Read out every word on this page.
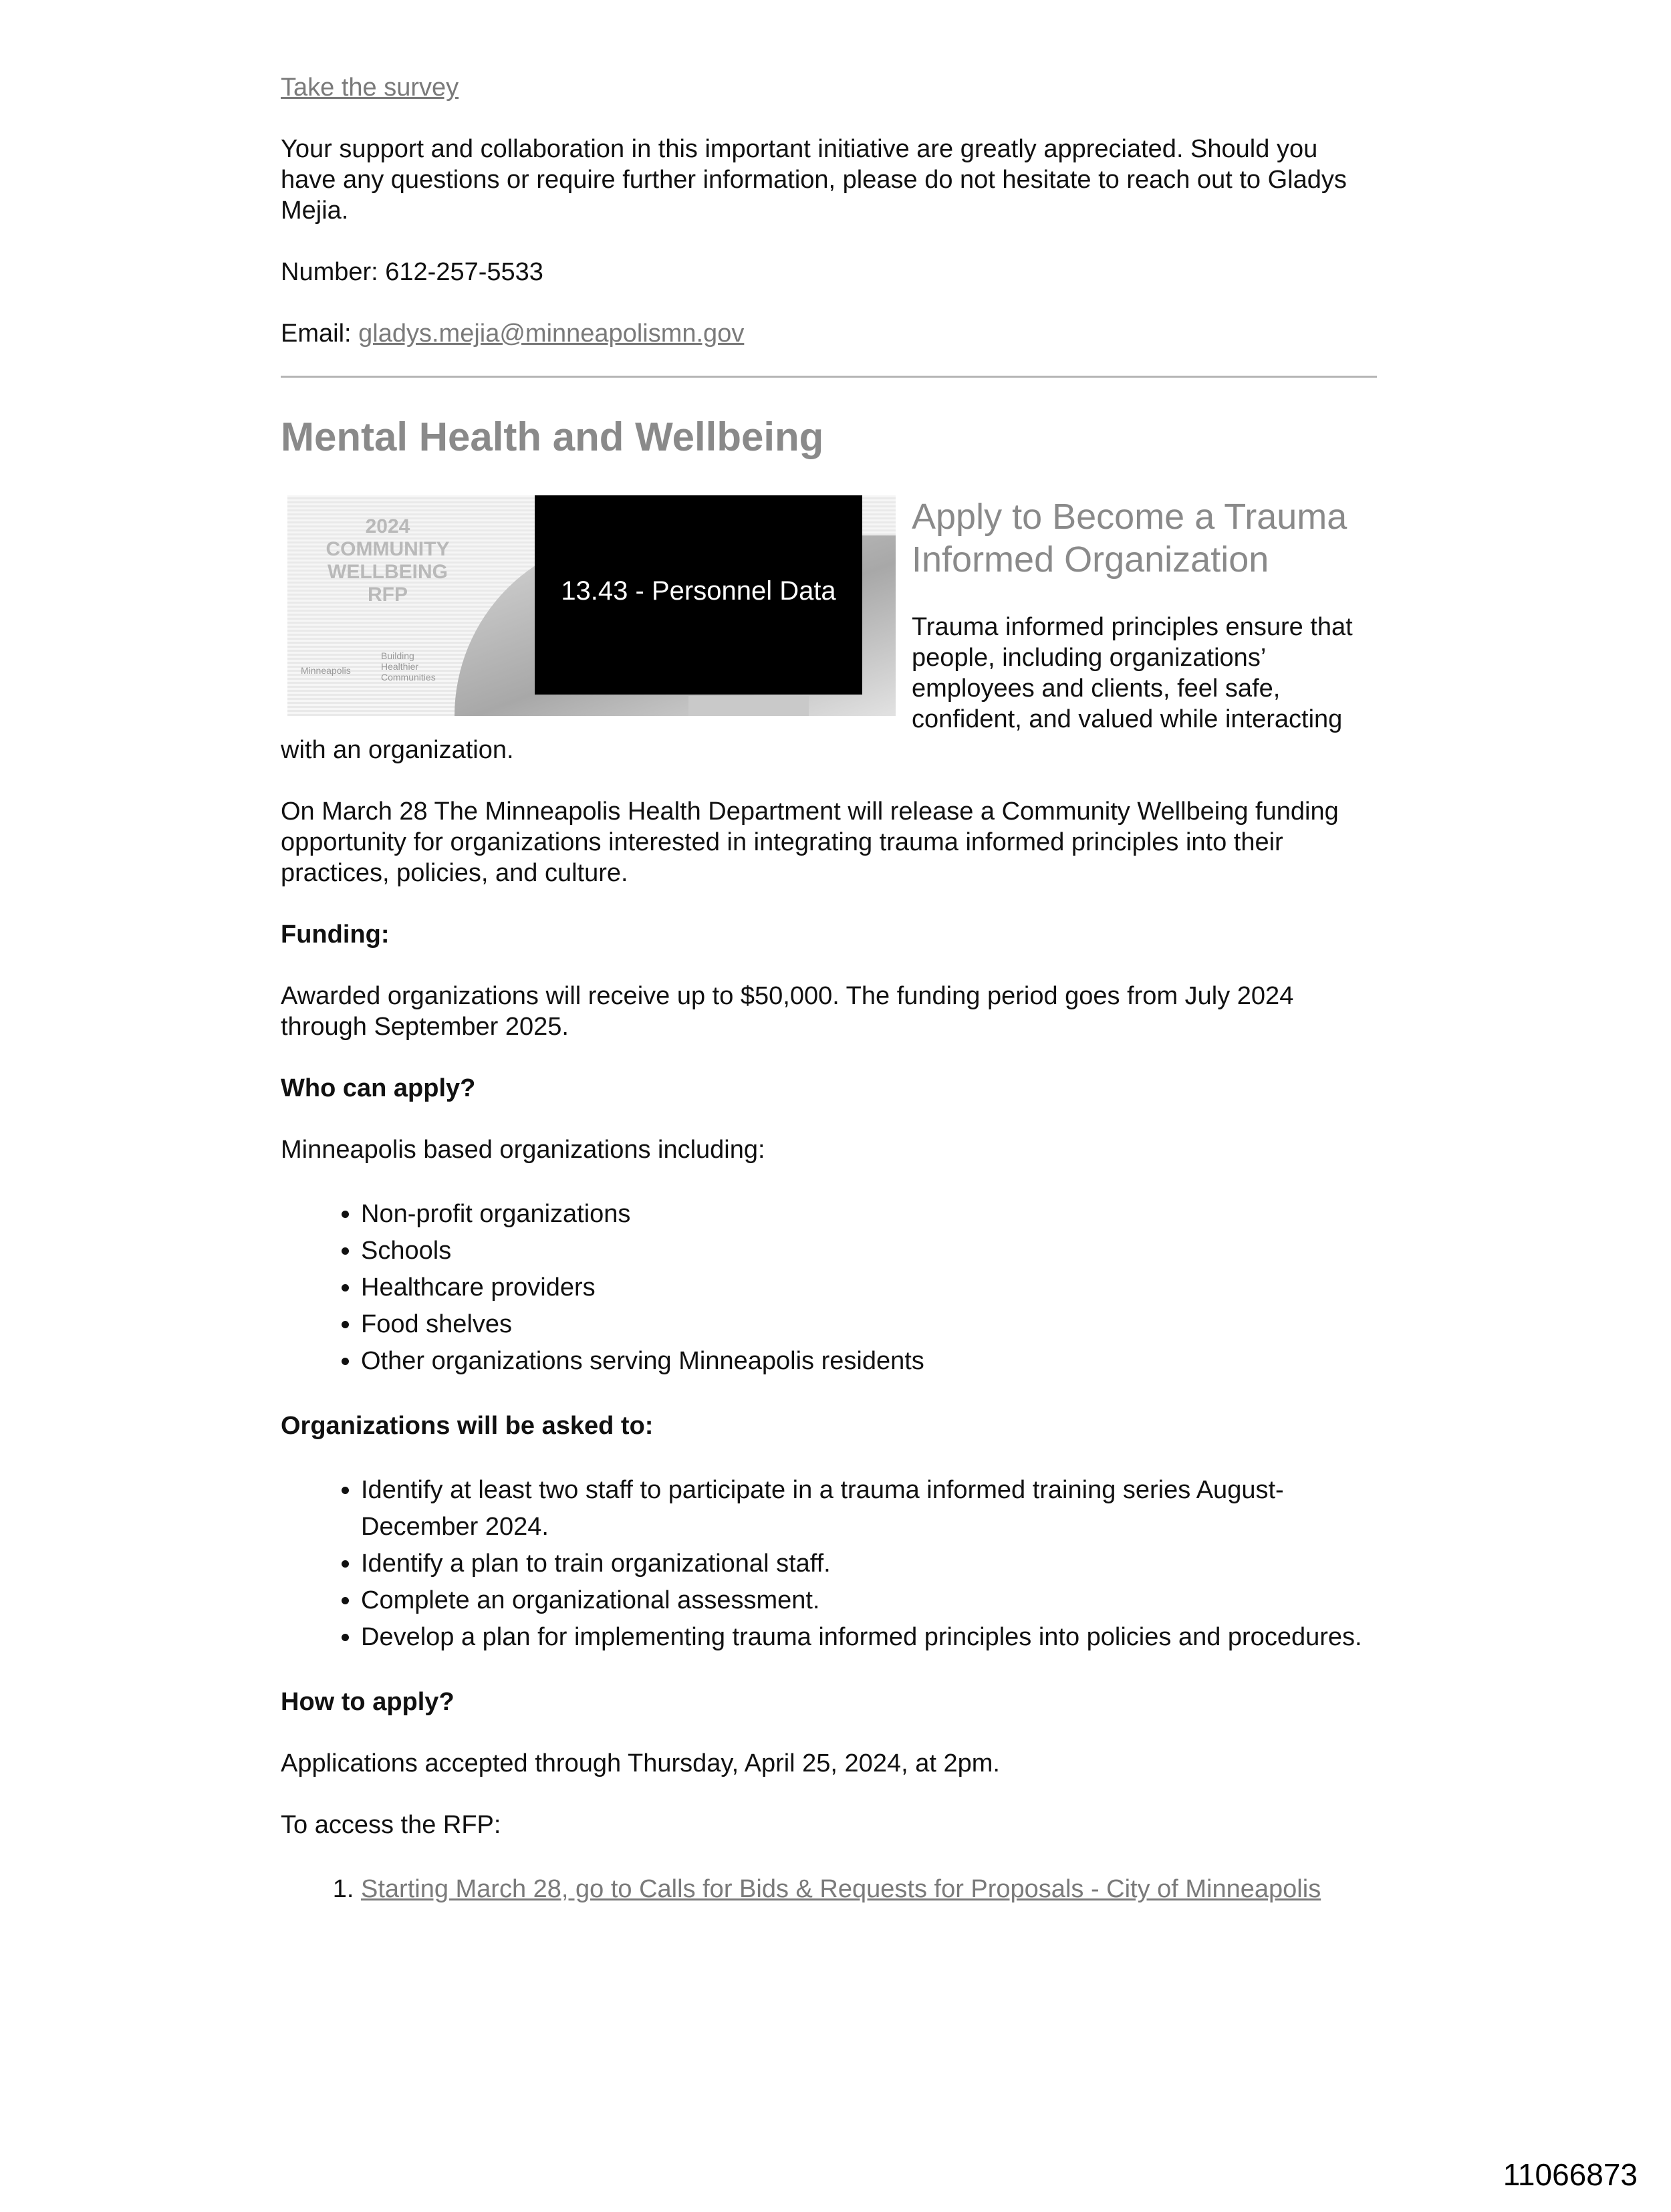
Take the survey

Your support and collaboration in this important initiative are greatly appreciated. Should you have any questions or require further information, please do not hesitate to reach out to Gladys Mejia.

Number: 612-257-5533

Email: gladys.mejia@minneapolismn.gov

Mental Health and Wellbeing
2024
COMMUNITY
WELLBEING
RFP
Minneapolis
Building Healthier Communities
13.43 - Personnel Data
Apply to Become a Trauma Informed Organization

Trauma informed principles ensure that people, including organizations’ employees and clients, feel safe, confident, and valued while interacting with an organization.

On March 28 The Minneapolis Health Department will release a Community Wellbeing funding opportunity for organizations interested in integrating trauma informed principles into their practices, policies, and culture.

Funding:

Awarded organizations will receive up to $50,000. The funding period goes from July 2024 through September 2025.

Who can apply?

Minneapolis based organizations including:

• Non-profit organizations
• Schools
• Healthcare providers
• Food shelves
• Other organizations serving Minneapolis residents
Organizations will be asked to:
• Identify at least two staff to participate in a trauma informed training series August-December 2024.
• Identify a plan to train organizational staff.
• Complete an organizational assessment.
• Develop a plan for implementing trauma informed principles into policies and procedures.
How to apply?

Applications accepted through Thursday, April 25, 2024, at 2pm.

To access the RFP:

1. Starting March 28, go to Calls for Bids & Requests for Proposals - City of Minneapolis
11066873
